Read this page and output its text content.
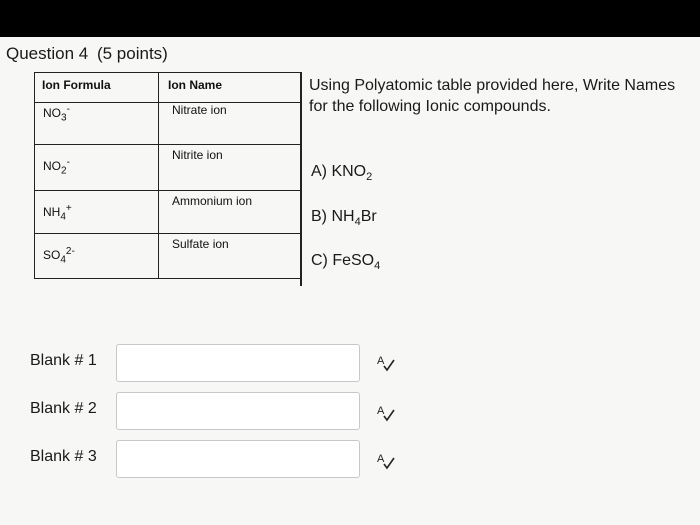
Question 4 (5 points)
Ion Formula	Ion Name
$NO_3^-$	Nitrate ion
$NO_2^-$	Nitrite ion
$NH_4^+$	Ammonium ion
$SO_4^{2-}$	Sulfate ion
Using Polyatomic table provided here, Write Names for the following Ionic compounds.
A) $KNO_2$
B) $NH_4Br$
C) FeSO$_4$
Blank # 1	A
Blank # 2	A
Blank # 3	A
